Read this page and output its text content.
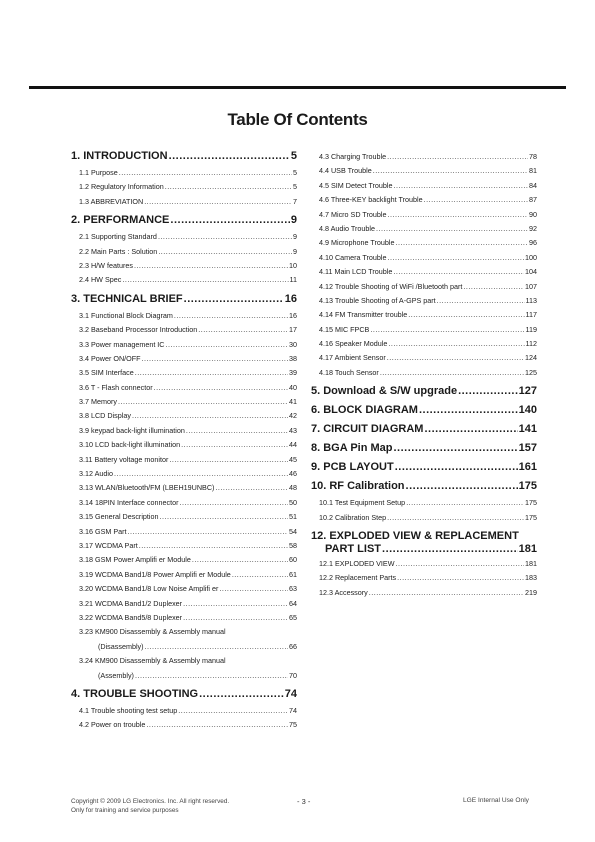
Table Of Contents
1. INTRODUCTION .....	5
1.1 Purpose .....	5
1.2 Regulatory Information .....	5
1.3 ABBREVIATION .....	7
2. PERFORMANCE .....	9
2.1 Supporting Standard .....	9
2.2 Main Parts : Solution .....	9
2.3 H/W features .....	10
2.4 HW Spec .....	11
3. TECHNICAL BRIEF .....	16
3.1 Functional Block Diagram .....	16
3.2 Baseband Processor Introduction .....	17
3.3 Power management IC .....	30
3.4 Power ON/OFF .....	38
3.5 SIM Interface .....	39
3.6 T - Flash connector .....	40
3.7 Memory .....	41
3.8 LCD Display .....	42
3.9 keypad back-light illumination .....	43
3.10 LCD back-light illumination .....	44
3.11 Battery voltage monitor .....	45
3.12 Audio .....	46
3.13 WLAN/Bluetooth/FM (LBEH19UNBC) .....	48
3.14 18PIN Interface connector .....	50
3.15 General Description .....	51
3.16 GSM Part .....	54
3.17 WCDMA Part .....	58
3.18 GSM Power Amplifi er Module .....	60
3.19 WCDMA Band1/8 Power Amplifi er Module .....	61
3.20 WCDMA Band1/8 Low Noise Amplifi er .....	63
3.21 WCDMA Band1/2 Duplexer .....	64
3.22 WCDMA Band5/8 Duplexer .....	65
3.23 KM900 Disassembly & Assembly manual
(Disassembly) .....	66
3.24 KM900 Disassembly & Assembly manual
(Assembly) .....	70
4. TROUBLE SHOOTING .....	74
4.1 Trouble shooting test setup .....	74
4.2 Power on trouble .....	75
4.3 Charging Trouble .....	78
4.4 USB Trouble .....	81
4.5 SIM Detect Trouble .....	84
4.6 Three-KEY backlight Trouble .....	87
4.7 Micro SD Trouble .....	90
4.8 Audio Trouble .....	92
4.9 Microphone Trouble .....	96
4.10 Camera Trouble .....	100
4.11 Main LCD Trouble .....	104
4.12 Trouble Shooting of WiFi /Bluetooth part .....	107
4.13 Trouble Shooting of A-GPS part .....	113
4.14 FM Transmitter trouble .....	117
4.15 MIC FPCB .....	119
4.16 Speaker Module .....	112
4.17 Ambient Sensor .....	124
4.18 Touch Sensor .....	125
5. Download & S/W upgrade .....	127
6. BLOCK DIAGRAM .....	140
7. CIRCUIT DIAGRAM .....	141
8. BGA Pin Map .....	157
9. PCB LAYOUT .....	161
10. RF Calibration .....	175
10.1 Test Equipment Setup .....	175
10.2 Calibration Step .....	175
12. EXPLODED VIEW & REPLACEMENT
PART LIST .....	181
12.1 EXPLODED VIEW .....	181
12.2 Replacement Parts .....	183
12.3 Accessory .....	219
Copyright © 2009 LG Electronics. Inc. All right reserved.
Only for training and service purposes
- 3 -	LGE Internal Use Only
